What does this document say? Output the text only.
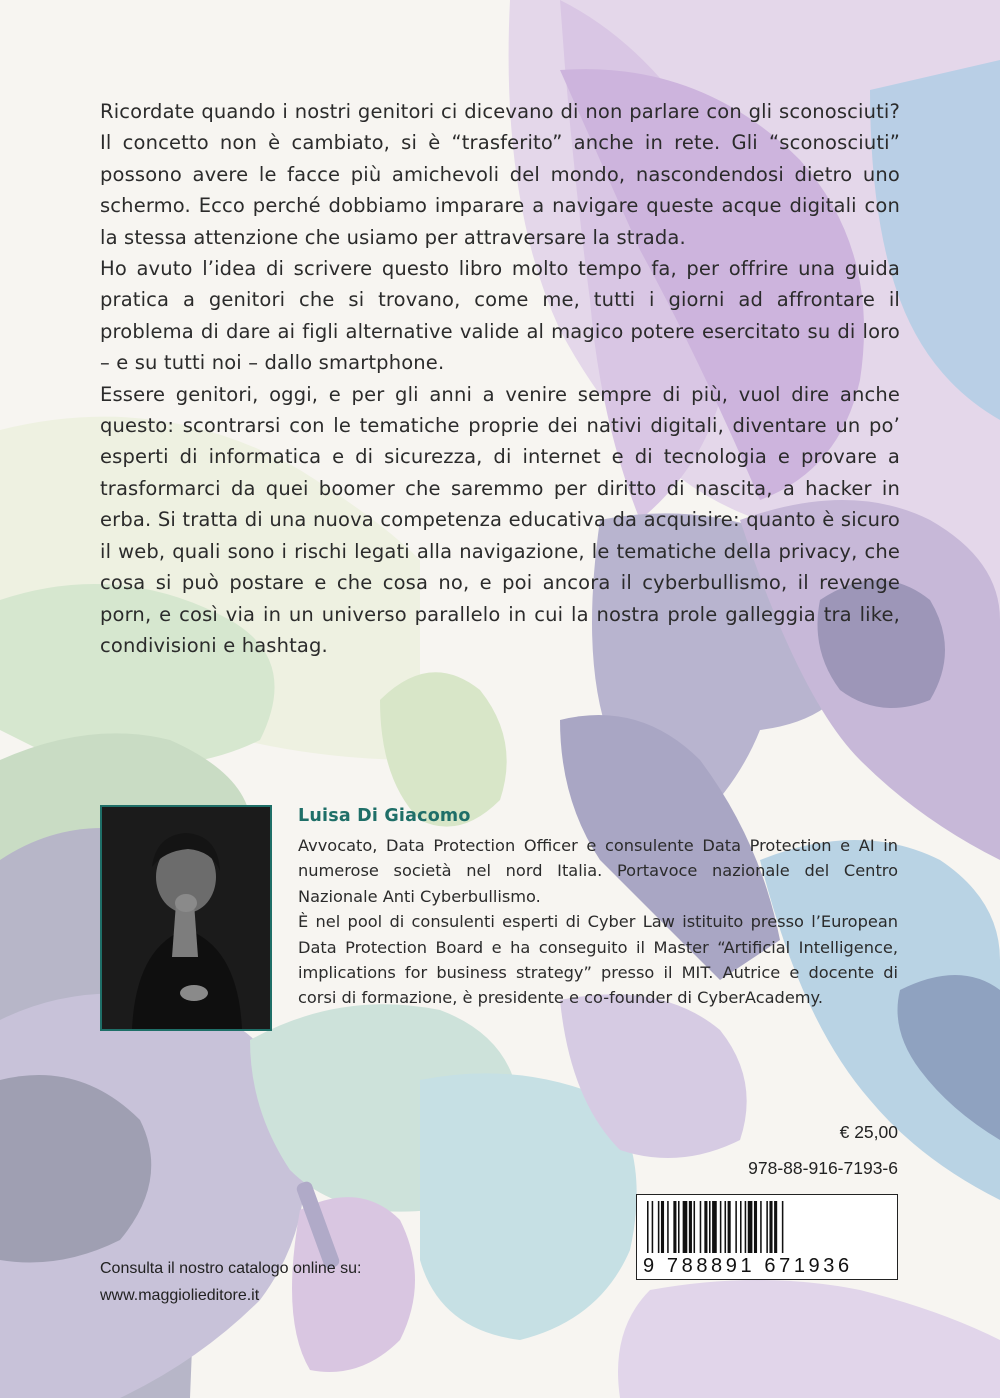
Ricordate quando i nostri genitori ci dicevano di non parlare con gli sconosciuti? Il concetto non è cambiato, si è “trasferito” anche in rete. Gli “sconosciuti” possono avere le facce più amichevoli del mondo, nascondendosi dietro uno schermo. Ecco perché dobbiamo imparare a navigare queste acque digitali con la stessa attenzione che usiamo per attraversare la strada.

Ho avuto l’idea di scrivere questo libro molto tempo fa, per offrire una guida pratica a genitori che si trovano, come me, tutti i giorni ad affrontare il problema di dare ai figli alternative valide al magico potere esercitato su di loro – e su tutti noi – dallo smartphone.

Essere genitori, oggi, e per gli anni a venire sempre di più, vuol dire anche questo: scontrarsi con le tematiche proprie dei nativi digitali, diventare un po’ esperti di informatica e di sicurezza, di internet e di tecnologia e provare a trasformarci da quei boomer che saremmo per diritto di nascita, a hacker in erba. Si tratta di una nuova competenza educativa da acquisire: quanto è sicuro il web, quali sono i rischi legati alla navigazione, le tematiche della privacy, che cosa si può postare e che cosa no, e poi ancora il cyberbullismo, il revenge porn, e così via in un universo parallelo in cui la nostra prole galleggia tra like, condivisioni e hashtag.

Luisa Di Giacomo

Avvocato, Data Protection Officer e consulente Data Protection e AI in numerose società nel nord Italia. Portavoce nazionale del Centro Nazionale Anti Cyberbullismo.

È nel pool di consulenti esperti di Cyber Law istituito presso l’European Data Protection Board e ha conseguito il Master “Artificial Intelligence, implications for business strategy” presso il MIT. Autrice e docente di corsi di formazione, è presidente e co-founder di CyberAcademy.

€ 25,00
978-88-916-7193-6
9 788891 671936
Consulta il nostro catalogo online su:
www.maggiolieditore.it
